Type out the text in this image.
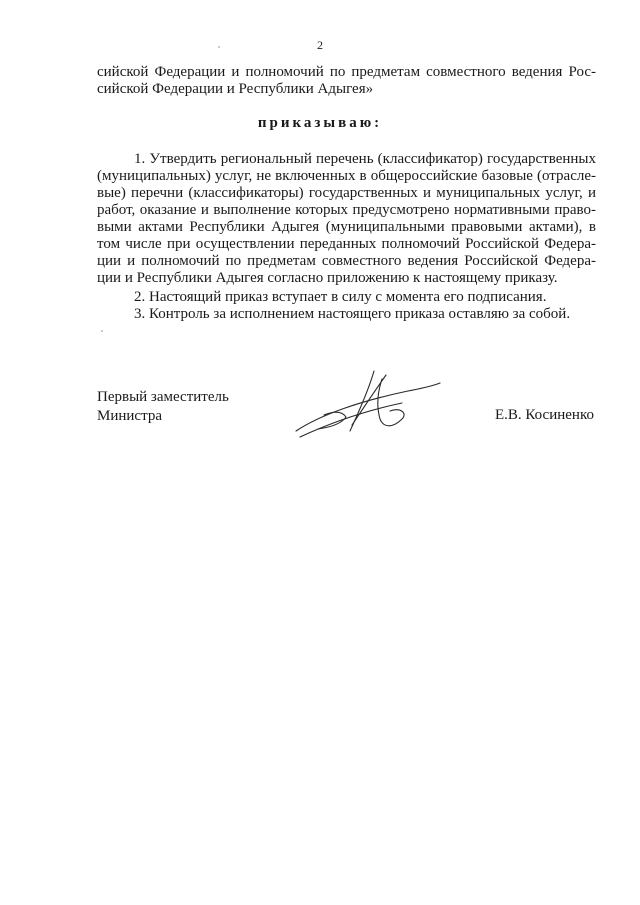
2
сийской Федерации и полномочий по предметам совместного ведения Рос-
сийской Федерации и Республики Адыгея»
приказываю:
1. Утвердить региональный перечень (классификатор) государственных
(муниципальных) услуг, не включенных в общероссийские базовые (отрасле-
вые) перечни (классификаторы) государственных и муниципальных услуг, и
работ, оказание и выполнение которых предусмотрено нормативными право-
выми актами Республики Адыгея (муниципальными правовыми актами), в
том числе при осуществлении переданных полномочий Российской Федера-
ции и полномочий по предметам совместного ведения Российской Федера-
ции и Республики Адыгея согласно приложению к настоящему приказу.
2. Настоящий приказ вступает в силу с момента его подписания.
3. Контроль за исполнением настоящего приказа оставляю за собой.
Первый заместитель
Министра	Е.В. Косиненко
